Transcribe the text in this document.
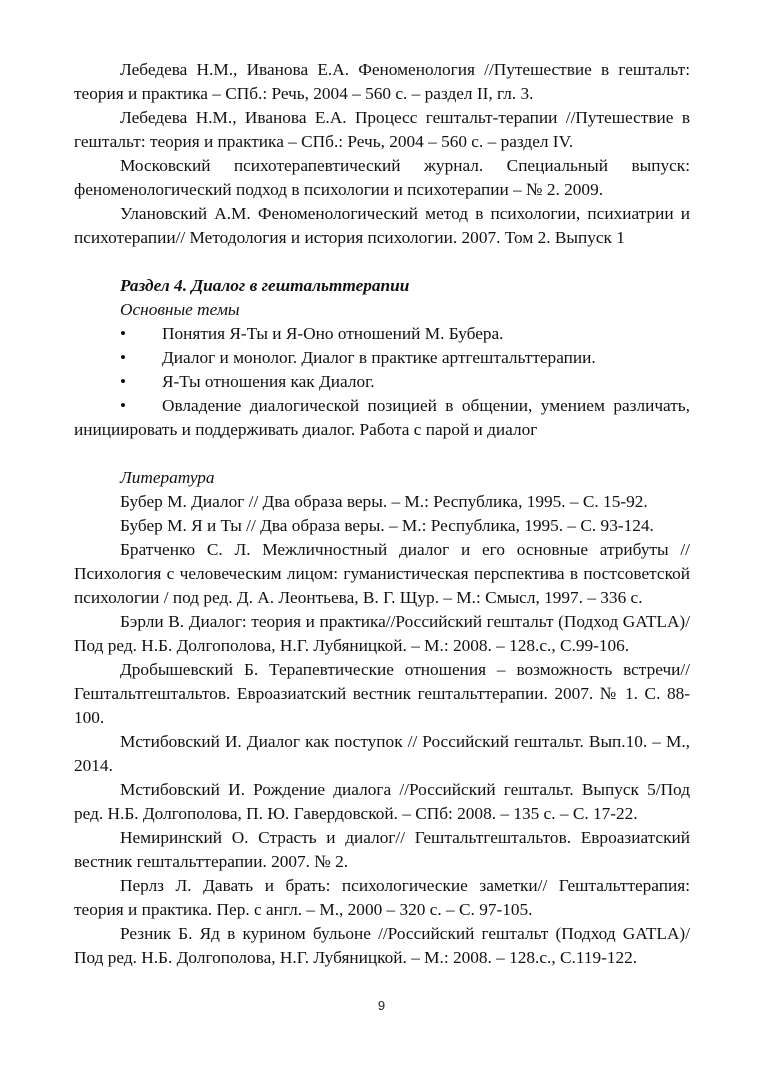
Лебедева Н.М., Иванова Е.А. Феноменология //Путешествие в гештальт: теория и практика – СПб.: Речь, 2004 – 560 с. – раздел II, гл. 3.

Лебедева Н.М., Иванова Е.А. Процесс гештальт-терапии //Путешествие в гештальт: теория и практика – СПб.: Речь, 2004 – 560 с. – раздел IV.

Московский психотерапевтический журнал. Специальный выпуск: феноменологический подход в психологии и психотерапии – № 2. 2009.

Улановский А.М. Феноменологический метод в психологии, психиатрии и психотерапии// Методология и история психологии. 2007. Том 2. Выпуск 1

Раздел 4. Диалог в гештальттерапии

Основные темы

• Понятия Я-Ты и Я-Оно отношений М. Бубера.
• Диалог и монолог. Диалог в практике артгештальттерапии.
• Я-Ты отношения как Диалог.
• Овладение диалогической позицией в общении, умением различать, инициировать и поддерживать диалог. Работа с парой и диалог

Литература

Бубер М. Диалог // Два образа веры. – М.: Республика, 1995. – С. 15-92.

Бубер М. Я и Ты // Два образа веры. – М.: Республика, 1995. – С. 93-124.

Братченко С. Л. Межличностный диалог и его основные атрибуты // Психология с человеческим лицом: гуманистическая перспектива в постсоветской психологии / под ред. Д. А. Леонтьева, В. Г. Щур. – М.: Смысл, 1997. – 336 с.

Бэрли В. Диалог: теория и практика//Российский гештальт (Подход GATLA)/Под ред. Н.Б. Долгополова, Н.Г. Лубяницкой. – М.: 2008. – 128.с., С.99-106.

Дробышевский Б. Терапевтические отношения – возможность встречи// Гештальтгештальтов. Евроазиатский вестник гештальттерапии. 2007. № 1. С. 88-100.

Мстибовский И. Диалог как поступок // Российский гештальт. Вып.10. – М., 2014.

Мстибовский И. Рождение диалога //Российский гештальт. Выпуск 5/Под ред. Н.Б. Долгополова, П. Ю. Гавердовской. – СПб: 2008. – 135 с. – С. 17-22.

Немиринский О. Страсть и диалог// Гештальтгештальтов. Евроазиатский вестник гештальттерапии. 2007. № 2.

Перлз Л. Давать и брать: психологические заметки// Гештальттерапия: теория и практика. Пер. с англ. – М., 2000 – 320 с. – С. 97-105.

Резник Б. Яд в курином бульоне //Российский гештальт (Подход GATLA)/Под ред. Н.Б. Долгополова, Н.Г. Лубяницкой. – М.: 2008. – 128.с., С.119-122.

9
